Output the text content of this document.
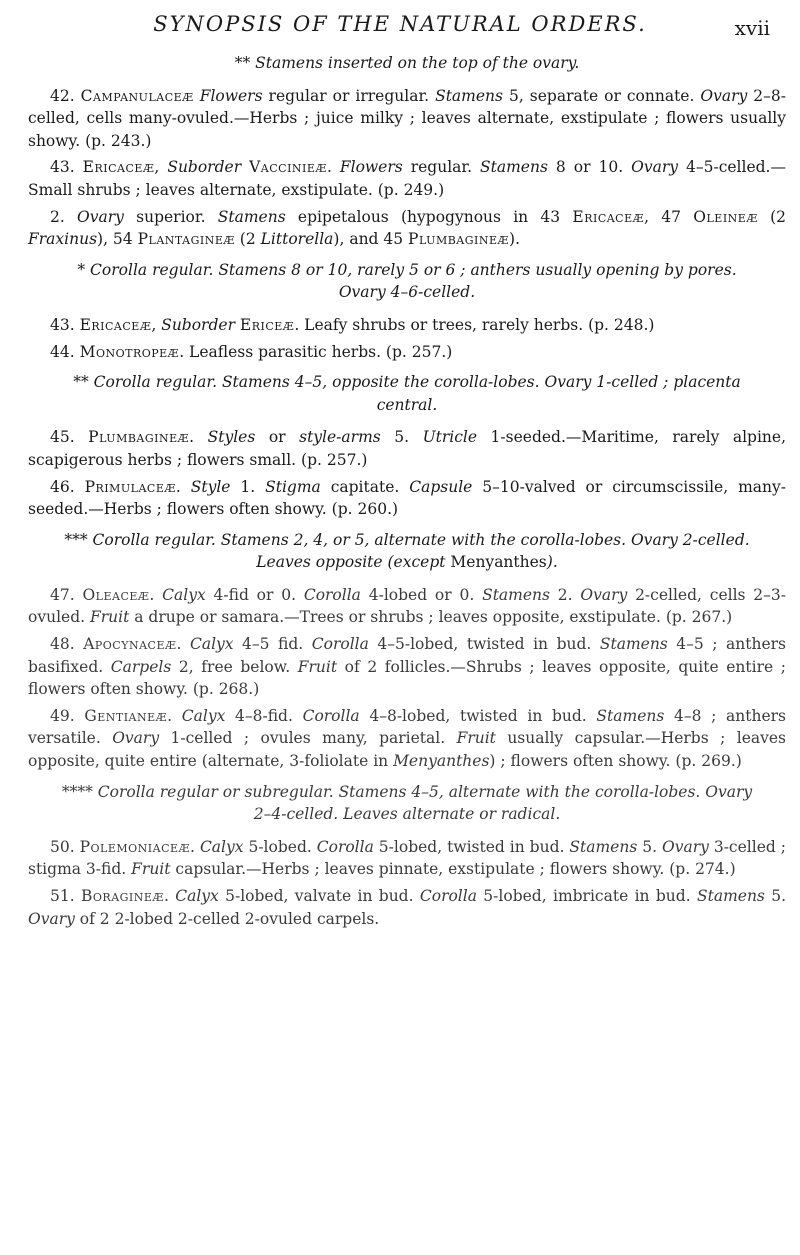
SYNOPSIS OF THE NATURAL ORDERS.	xvii

** Stamens inserted on the top of the ovary.

42. Campanulaceæ Flowers regular or irregular. Stamens 5, separate or connate. Ovary 2–8-celled, cells many-ovuled.—Herbs ; juice milky ; leaves alternate, exstipulate ; flowers usually showy. (p. 243.)

43. Ericaceæ, Suborder Vaccinieæ. Flowers regular. Stamens 8 or 10. Ovary 4–5-celled.—Small shrubs ; leaves alternate, exstipulate. (p. 249.)

2. Ovary superior. Stamens epipetalous (hypogynous in 43 Ericaceæ, 47 Oleineæ (2 Fraxinus), 54 Plantagineæ (2 Littorella), and 45 Plumbagineæ).

* Corolla regular. Stamens 8 or 10, rarely 5 or 6 ; anthers usually opening by pores. Ovary 4–6-celled.

43. Ericaceæ, Suborder Ericeæ. Leafy shrubs or trees, rarely herbs. (p. 248.)

44. Monotropeæ. Leafless parasitic herbs. (p. 257.)

** Corolla regular. Stamens 4–5, opposite the corolla-lobes. Ovary 1-celled ; placenta central.

45. Plumbagineæ. Styles or style-arms 5. Utricle 1-seeded.—Maritime, rarely alpine, scapigerous herbs ; flowers small. (p. 257.)

46. Primulaceæ. Style 1. Stigma capitate. Capsule 5–10-valved or circumscissile, many-seeded.—Herbs ; flowers often showy. (p. 260.)

*** Corolla regular. Stamens 2, 4, or 5, alternate with the corolla-lobes. Ovary 2-celled. Leaves opposite (except Menyanthes).

47. Oleaceæ. Calyx 4-fid or 0. Corolla 4-lobed or 0. Stamens 2. Ovary 2-celled, cells 2–3-ovuled. Fruit a drupe or samara.—Trees or shrubs ; leaves opposite, exstipulate. (p. 267.)

48. Apocynaceæ. Calyx 4–5 fid. Corolla 4–5-lobed, twisted in bud. Stamens 4–5 ; anthers basifixed. Carpels 2, free below. Fruit of 2 follicles.—Shrubs ; leaves opposite, quite entire ; flowers often showy. (p. 268.)

49. Gentianeæ. Calyx 4–8-fid. Corolla 4–8-lobed, twisted in bud. Stamens 4–8 ; anthers versatile. Ovary 1-celled ; ovules many, parietal. Fruit usually capsular.—Herbs ; leaves opposite, quite entire (alternate, 3-foliolate in Menyanthes) ; flowers often showy. (p. 269.)

**** Corolla regular or subregular. Stamens 4–5, alternate with the corolla-lobes. Ovary 2–4-celled. Leaves alternate or radical.

50. Polemoniaceæ. Calyx 5-lobed. Corolla 5-lobed, twisted in bud. Stamens 5. Ovary 3-celled ; stigma 3-fid. Fruit capsular.—Herbs ; leaves pinnate, exstipulate ; flowers showy. (p. 274.)

51. Boragineæ. Calyx 5-lobed, valvate in bud. Corolla 5-lobed, imbricate in bud. Stamens 5. Ovary of 2 2-lobed 2-celled 2-ovuled carpels.
